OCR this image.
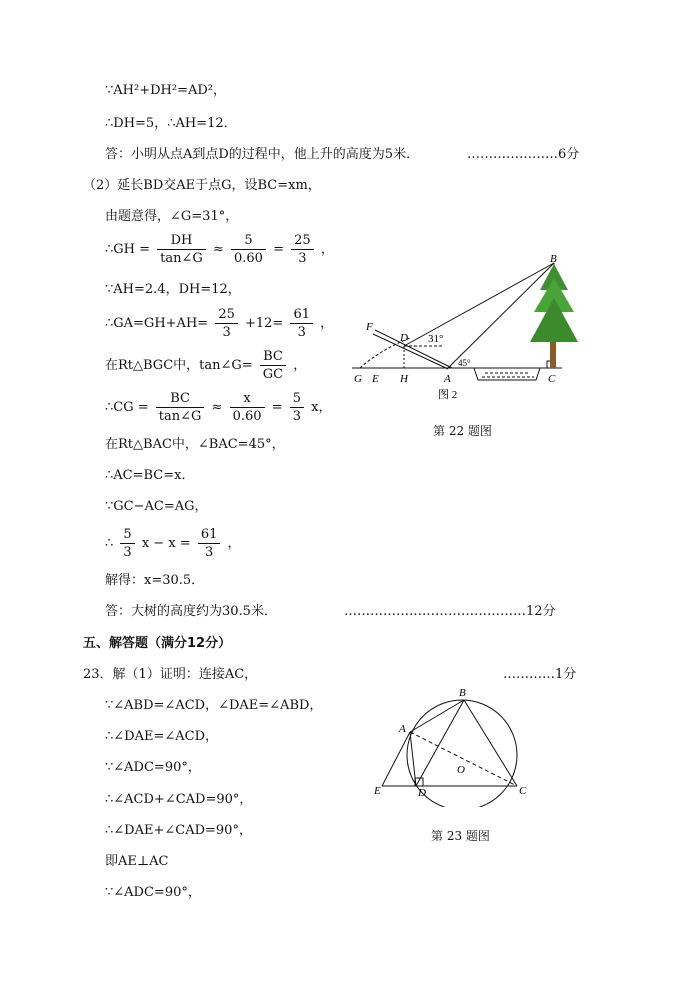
∵AH²+DH²=AD²，
∴DH=5，∴AH=12．
答：小明从点A到点D的过程中，他上升的高度为5米．	…………………6分
（2）延长BD交AE于点G，设BC=xm，
由题意得，∠G=31°，
∴GH = $\frac{DH}{\tan\angle G} \approx \frac{5}{0.60} = \frac{25}{3}$ ，
∵AH=2.4，DH=12，
∴GA=GH+AH= $\frac{25}{3} +12= \frac{61}{3}$ ，
在Rt△BGC中，tan∠G= $\frac{BC}{GC}$ ，
∴CG = $\frac{BC}{\tan\angle G} \approx \frac{x}{0.60} = \frac{5}{3}$ x，
在Rt△BAC中，∠BAC=45°，
∴AC=BC=x．
∵GC−AC=AG，
∴ $\frac{5}{3}$ $x - x = \frac{61}{3}$ ，
解得：x=30.5．
答：大树的高度约为30.5米．	……………………………………12分
五、解答题（满分12分）
23．解（1）证明：连接AC，	…………1分
∵∠ABD=∠ACD，∠DAE=∠ABD，
∴∠DAE=∠ACD，
∵∠ADC=90°，
∴∠ACD+∠CAD=90°，
∴∠DAE+∠CAD=90°，
即AE⊥AC
∵∠ADC=90°，
F
D
B
G E H	A	C
31°
45°
图 2
第 22 题图
A
B
O
E	D	C
第 23 题图
